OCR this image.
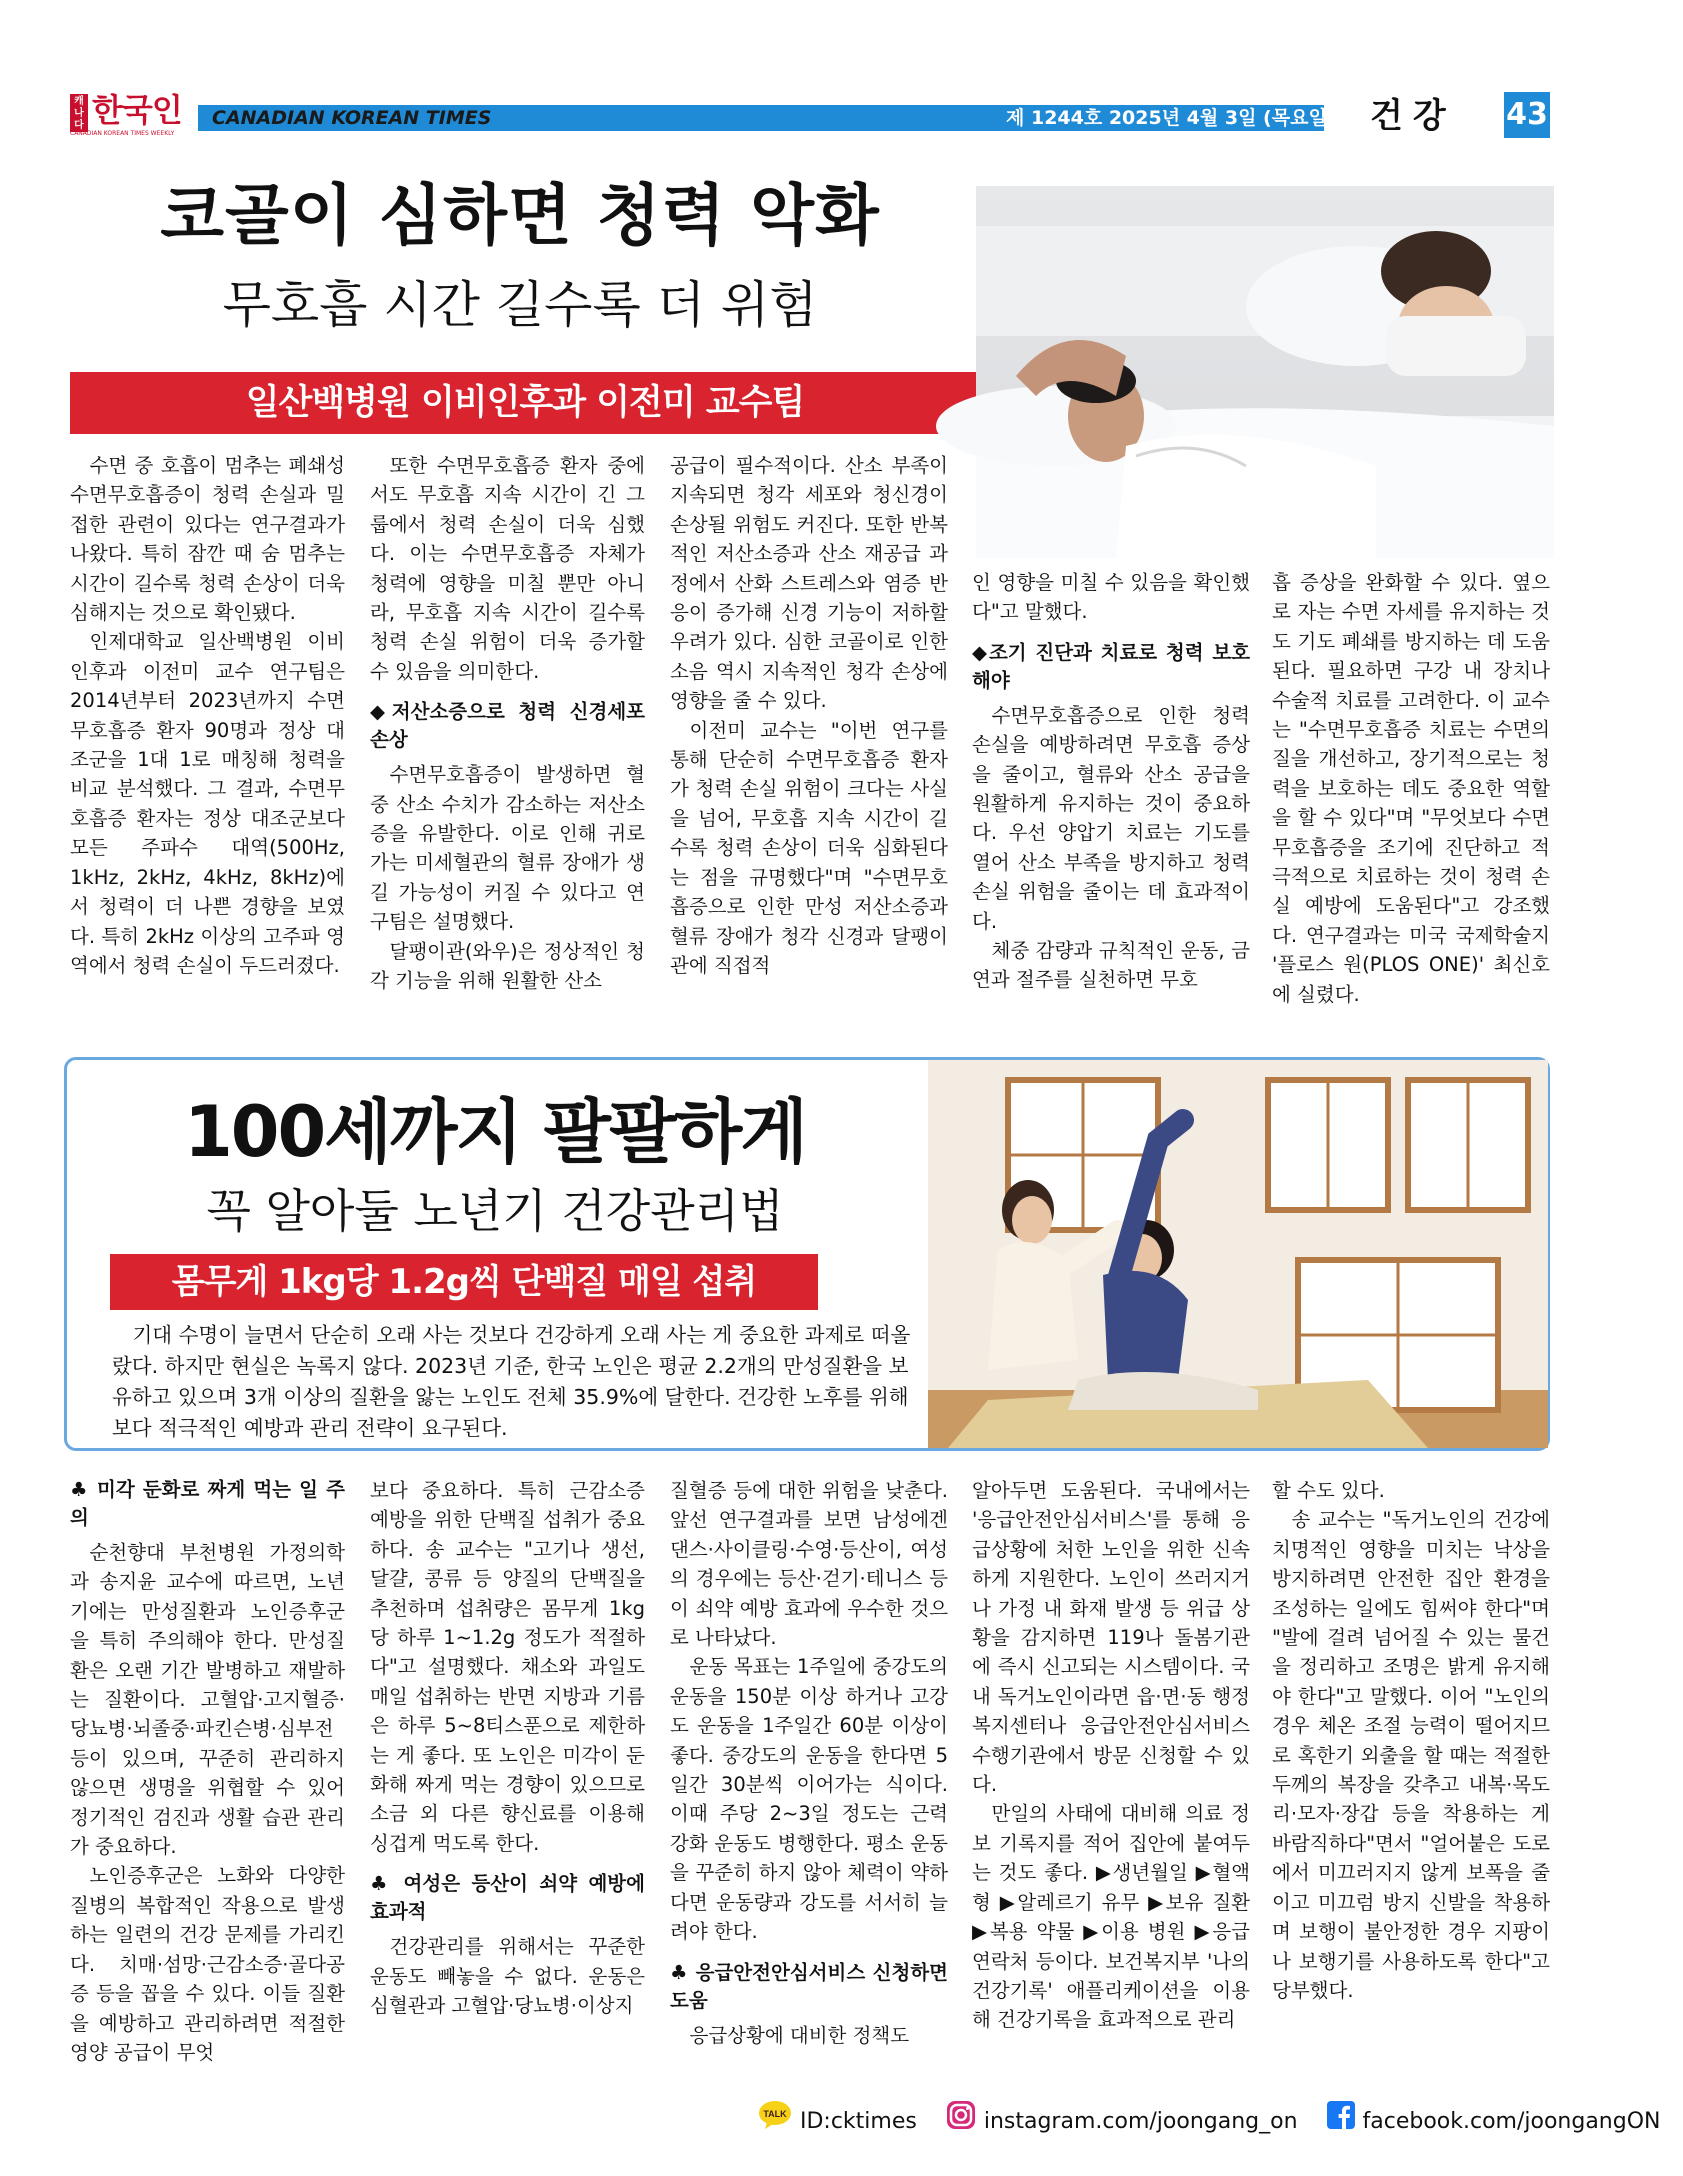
캐나다 한국인
CANADIAN KOREAN TIMES WEEKLY
CANADIAN KOREAN TIMES	제 1244호 2025년 4월 3일 (목요일) 건강 43
코골이 심하면 청력 악화
무호흡 시간 길수록 더 위험
일산백병원 이비인후과 이전미 교수팀

수면 중 호흡이 멈추는 폐쇄성 수면무호흡증이 청력 손실과 밀접한 관련이 있다는 연구결과가 나왔다. 특히 잠깐 때 숨 멈추는 시간이 길수록 청력 손상이 더욱 심해지는 것으로 확인됐다.

인제대학교 일산백병원 이비인후과 이전미 교수 연구팀은 2014년부터 2023년까지 수면무호흡증 환자 90명과 정상 대조군을 1대 1로 매칭해 청력을 비교 분석했다. 그 결과, 수면무호흡증 환자는 정상 대조군보다 모든 주파수 대역(500Hz, 1kHz, 2kHz, 4kHz, 8kHz)에서 청력이 더 나쁜 경향을 보였다. 특히 2kHz 이상의 고주파 영역에서 청력 손실이 두드러졌다.

또한 수면무호흡증 환자 중에서도 무호흡 지속 시간이 긴 그룹에서 청력 손실이 더욱 심했다. 이는 수면무호흡증 자체가 청력에 영향을 미칠 뿐만 아니라, 무호흡 지속 시간이 길수록 청력 손실 위험이 더욱 증가할 수 있음을 의미한다.

◆저산소증으로 청력 신경세포 손상

수면무호흡증이 발생하면 혈중 산소 수치가 감소하는 저산소증을 유발한다. 이로 인해 귀로 가는 미세혈관의 혈류 장애가 생길 가능성이 커질 수 있다고 연구팀은 설명했다.

달팽이관(와우)은 정상적인 청각 기능을 위해 원활한 산소

공급이 필수적이다. 산소 부족이 지속되면 청각 세포와 청신경이 손상될 위험도 커진다. 또한 반복적인 저산소증과 산소 재공급 과정에서 산화 스트레스와 염증 반응이 증가해 신경 기능이 저하할 우려가 있다. 심한 코골이로 인한 소음 역시 지속적인 청각 손상에 영향을 줄 수 있다.

이전미 교수는 "이번 연구를 통해 단순히 수면무호흡증 환자가 청력 손실 위험이 크다는 사실을 넘어, 무호흡 지속 시간이 길수록 청력 손상이 더욱 심화된다는 점을 규명했다"며 "수면무호흡증으로 인한 만성 저산소증과 혈류 장애가 청각 신경과 달팽이관에 직접적

인 영향을 미칠 수 있음을 확인했다"고 말했다.

◆조기 진단과 치료로 청력 보호해야

수면무호흡증으로 인한 청력 손실을 예방하려면 무호흡 증상을 줄이고, 혈류와 산소 공급을 원활하게 유지하는 것이 중요하다. 우선 양압기 치료는 기도를 열어 산소 부족을 방지하고 청력 손실 위험을 줄이는 데 효과적이다.

체중 감량과 규칙적인 운동, 금연과 절주를 실천하면 무호

흡 증상을 완화할 수 있다. 옆으로 자는 수면 자세를 유지하는 것도 기도 폐쇄를 방지하는 데 도움된다. 필요하면 구강 내 장치나 수술적 치료를 고려한다. 이 교수는 "수면무호흡증 치료는 수면의 질을 개선하고, 장기적으로는 청력을 보호하는 데도 중요한 역할을 할 수 있다"며 "무엇보다 수면무호흡증을 조기에 진단하고 적극적으로 치료하는 것이 청력 손실 예방에 도움된다"고 강조했다. 연구결과는 미국 국제학술지 '플로스 원(PLOS ONE)' 최신호에 실렸다.

100세까지 팔팔하게
꼭 알아둘 노년기 건강관리법
몸무게 1kg당 1.2g씩 단백질 매일 섭취

기대 수명이 늘면서 단순히 오래 사는 것보다 건강하게 오래 사는 게 중요한 과제로 떠올랐다. 하지만 현실은 녹록지 않다. 2023년 기준, 한국 노인은 평균 2.2개의 만성질환을 보유하고 있으며 3개 이상의 질환을 앓는 노인도 전체 35.9%에 달한다. 건강한 노후를 위해 보다 적극적인 예방과 관리 전략이 요구된다.

♣ 미각 둔화로 짜게 먹는 일 주의

순천향대 부천병원 가정의학과 송지윤 교수에 따르면, 노년기에는 만성질환과 노인증후군을 특히 주의해야 한다. 만성질환은 오랜 기간 발병하고 재발하는 질환이다. 고혈압·고지혈증·당뇨병·뇌졸중·파킨슨병·심부전 등이 있으며, 꾸준히 관리하지 않으면 생명을 위협할 수 있어 정기적인 검진과 생활 습관 관리가 중요하다.

노인증후군은 노화와 다양한 질병의 복합적인 작용으로 발생하는 일련의 건강 문제를 가리킨다. 치매·섬망·근감소증·골다공증 등을 꼽을 수 있다. 이들 질환을 예방하고 관리하려면 적절한 영양 공급이 무엇

보다 중요하다. 특히 근감소증 예방을 위한 단백질 섭취가 중요하다. 송 교수는 "고기나 생선, 달걀, 콩류 등 양질의 단백질을 추천하며 섭취량은 몸무게 1kg당 하루 1~1.2g 정도가 적절하다"고 설명했다. 채소와 과일도 매일 섭취하는 반면 지방과 기름은 하루 5~8티스푼으로 제한하는 게 좋다. 또 노인은 미각이 둔화해 짜게 먹는 경향이 있으므로 소금 외 다른 향신료를 이용해 싱겁게 먹도록 한다.

♣ 여성은 등산이 쇠약 예방에 효과적

건강관리를 위해서는 꾸준한 운동도 빼놓을 수 없다. 운동은 심혈관과 고혈압·당뇨병·이상지

질혈증 등에 대한 위험을 낮춘다. 앞선 연구결과를 보면 남성에겐 댄스·사이클링·수영·등산이, 여성의 경우에는 등산·걷기·테니스 등이 쇠약 예방 효과에 우수한 것으로 나타났다.

운동 목표는 1주일에 중강도의 운동을 150분 이상 하거나 고강도 운동을 1주일간 60분 이상이 좋다. 중강도의 운동을 한다면 5일간 30분씩 이어가는 식이다. 이때 주당 2~3일 정도는 근력 강화 운동도 병행한다. 평소 운동을 꾸준히 하지 않아 체력이 약하다면 운동량과 강도를 서서히 늘려야 한다.

♣ 응급안전안심서비스 신청하면 도움

응급상황에 대비한 정책도

알아두면 도움된다. 국내에서는 '응급안전안심서비스'를 통해 응급상황에 처한 노인을 위한 신속하게 지원한다. 노인이 쓰러지거나 가정 내 화재 발생 등 위급 상황을 감지하면 119나 돌봄기관에 즉시 신고되는 시스템이다. 국내 독거노인이라면 읍·면·동 행정복지센터나 응급안전안심서비스 수행기관에서 방문 신청할 수 있다.

만일의 사태에 대비해 의료 정보 기록지를 적어 집안에 붙여두는 것도 좋다. ▶생년월일 ▶혈액형 ▶알레르기 유무 ▶보유 질환 ▶복용 약물 ▶이용 병원 ▶응급 연락처 등이다. 보건복지부 '나의 건강기록' 애플리케이션을 이용해 건강기록을 효과적으로 관리

할 수도 있다.

송 교수는 "독거노인의 건강에 치명적인 영향을 미치는 낙상을 방지하려면 안전한 집안 환경을 조성하는 일에도 힘써야 한다"며 "발에 걸려 넘어질 수 있는 물건을 정리하고 조명은 밝게 유지해야 한다"고 말했다. 이어 "노인의 경우 체온 조절 능력이 떨어지므로 혹한기 외출을 할 때는 적절한 두께의 복장을 갖추고 내복·목도리·모자·장갑 등을 착용하는 게 바람직하다"면서 "얼어붙은 도로에서 미끄러지지 않게 보폭을 줄이고 미끄럼 방지 신발을 착용하며 보행이 불안정한 경우 지팡이나 보행기를 사용하도록 한다"고 당부했다.

TALK ID:cktimes	instagram.com/joongang_on	facebook.com/joongangON
